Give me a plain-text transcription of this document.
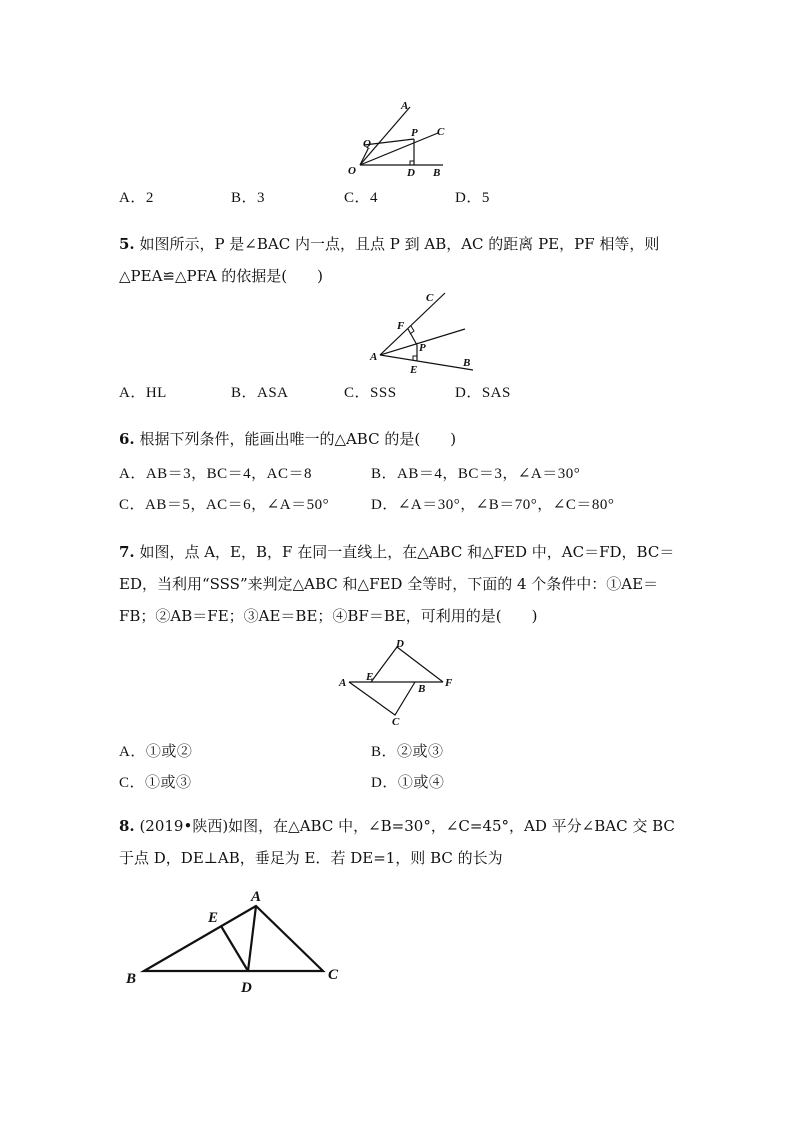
A
Q
P C
O	D B
A．2	B．3	C．4	D．5
5. 如图所示，P 是∠BAC 内一点，且点 P 到 AB，AC 的距离 PE，PF 相等，则
△PEA≌△PFA 的依据是(　　)
C
F
A
P
E
B
A．HL	B．ASA	C．SSS	D．SAS
6. 根据下列条件，能画出唯一的△ABC 的是(　　)
A．AB＝3，BC＝4，AC＝8	B．AB＝4，BC＝3，∠A＝30°
C．AB＝5，AC＝6，∠A＝50°	D．∠A＝30°，∠B＝70°，∠C＝80°
7. 如图，点 A，E，B，F 在同一直线上，在△ABC 和△FED 中，AC＝FD，BC＝
ED，当利用“SSS”来判定△ABC 和△FED 全等时，下面的 4 个条件中：①AE＝
FB；②AB＝FE；③AE＝BE；④BF＝BE，可利用的是(　　)
D
A E
B F
C
A．①或②	B．②或③
C．①或③	D．①或④
8. (2019•陕西)如图，在△ABC 中，∠B=30°，∠C=45°，AD 平分∠BAC 交 BC
于点 D，DE⊥AB，垂足为 E．若 DE=1，则 BC 的长为
A
E
B
D
C
